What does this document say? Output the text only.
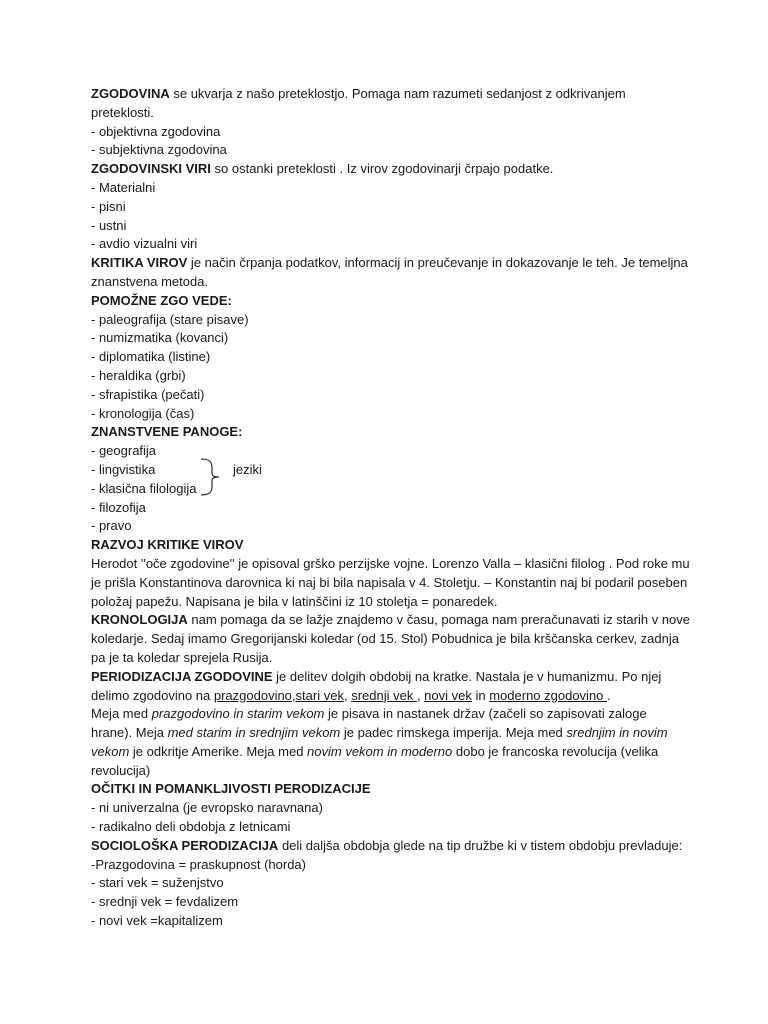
ZGODOVINA se ukvarja z našo preteklostjo. Pomaga nam razumeti sedanjost z odkrivanjem preteklosti.
- objektivna zgodovina
- subjektivna zgodovina
ZGODOVINSKI VIRI so ostanki preteklosti . Iz virov zgodovinarji črpajo podatke.
- Materialni
- pisni
- ustni
- avdio vizualni viri
KRITIKA VIROV je način črpanja podatkov, informacij in preučevanje in dokazovanje le teh. Je temeljna znanstvena metoda.
POMOŽNE ZGO VEDE:
- paleografija (stare pisave)
- numizmatika (kovanci)
- diplomatika (listine)
- heraldika (grbi)
- sfrapistika (pečati)
- kronologija (čas)
ZNANSTVENE PANOGE:
- geografija
- lingvistika
- klasična filologija
- filozofija
- pravo
RAZVOJ KRITIKE VIROV
Herodot ''oče zgodovine'' je opisoval grško perzijske vojne. Lorenzo Valla – klasični filolog . Pod roke mu je prišla Konstantinova darovnica ki naj bi bila napisala v 4. Stoletju. – Konstantin naj bi podaril poseben položaj papežu. Napisana je bila v latinščini iz 10 stoletja = ponaredek.
KRONOLOGIJA nam pomaga da se lažje znajdemo v času, pomaga nam preračunavati iz starih v nove koledarje. Sedaj imamo Gregorijanski koledar (od 15. Stol) Pobudnica je bila krščanska cerkev, zadnja pa je ta koledar sprejela Rusija.
PERIODIZACIJA ZGODOVINE je delitev dolgih obdobij na kratke. Nastala je v humanizmu. Po njej delimo zgodovino na prazgodovino,stari vek, srednji vek , novi vek in moderno zgodovino .
Meja med prazgodovino in starim vekom je pisava in nastanek držav (začeli so zapisovati zaloge hrane). Meja med starim in srednjim vekom je padec rimskega imperija. Meja med srednjim in novim vekom je odkritje Amerike. Meja med novim vekom in moderno dobo je francoska revolucija (velika revolucija)
OČITKI IN POMANKLJIVOSTI PERODIZACIJE
- ni univerzalna (je evropsko naravnana)
- radikalno deli obdobja z letnicami
SOCIOLOŠKA PERODIZACIJA deli daljša obdobja glede na tip družbe ki v tistem obdobju prevladuje:
-Prazgodovina = praskupnost (horda)
- stari vek = suženjstvo
- srednji vek = fevdalizem
- novi vek =kapitalizem
jeziki
